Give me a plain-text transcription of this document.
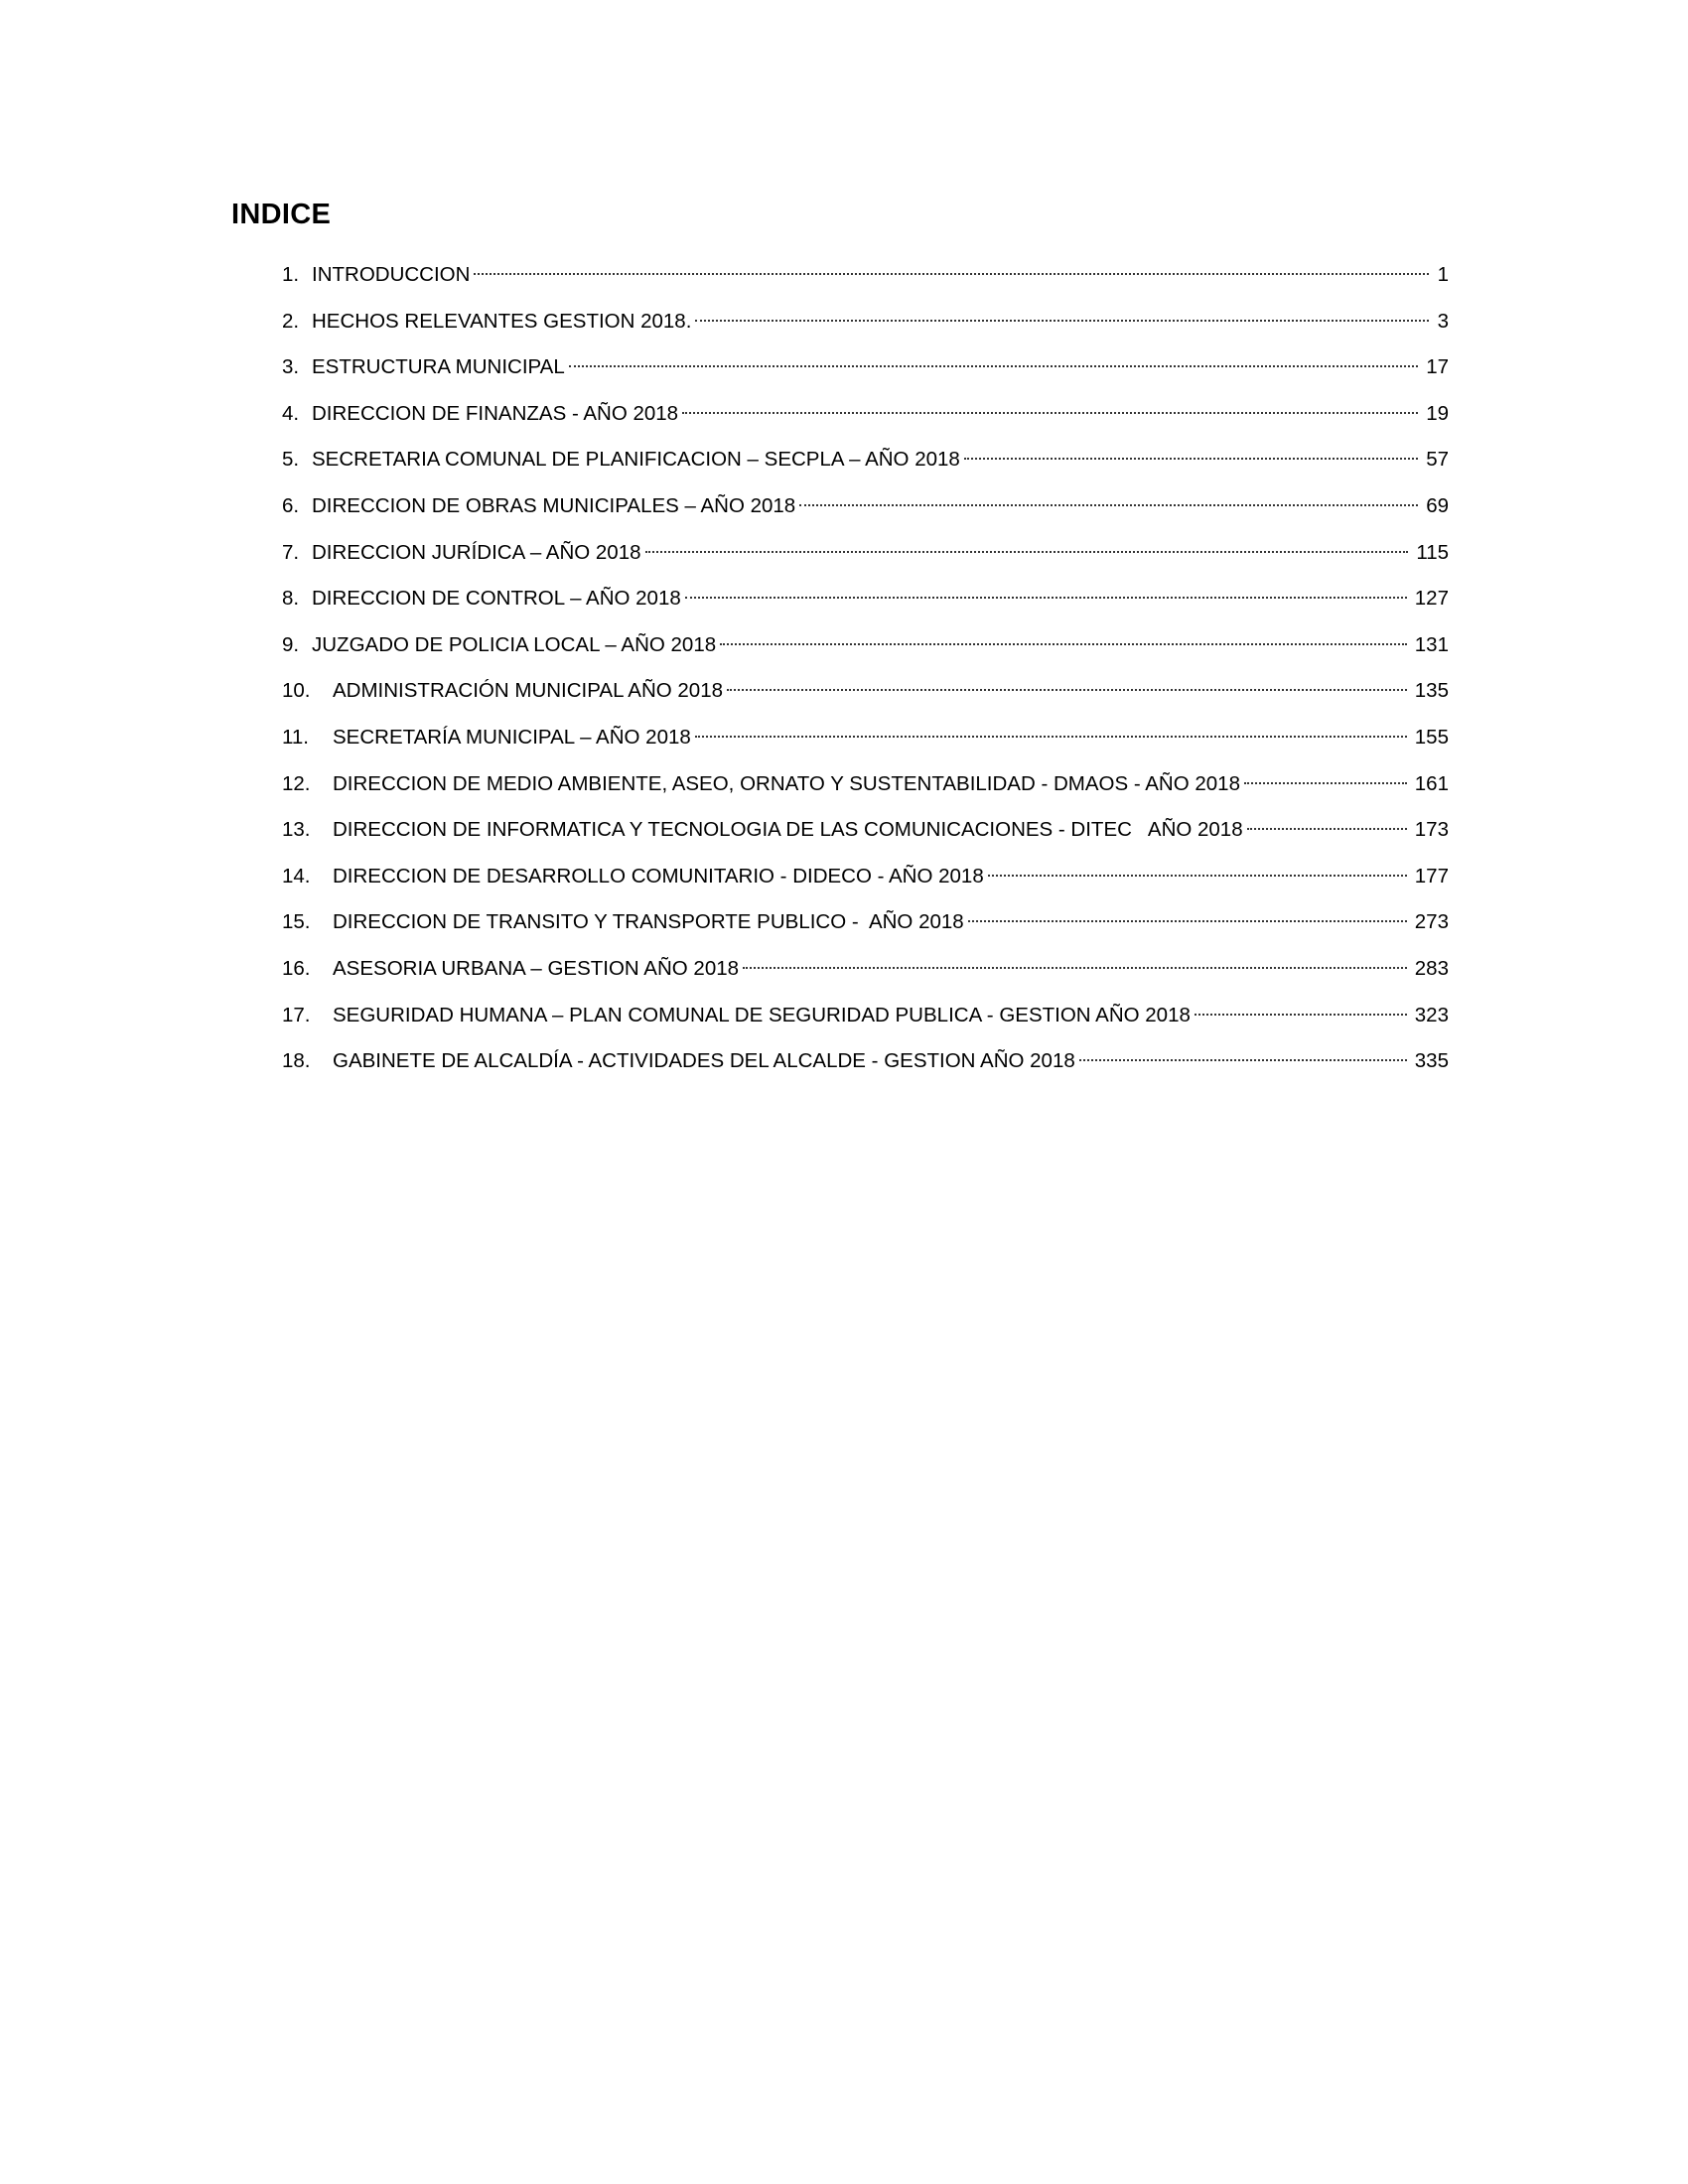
INDICE
1. INTRODUCCION	1
2. HECHOS RELEVANTES GESTION 2018.	3
3. ESTRUCTURA MUNICIPAL	17
4. DIRECCION DE FINANZAS - AÑO 2018	19
5. SECRETARIA COMUNAL DE PLANIFICACION – SECPLA – AÑO 2018	57
6. DIRECCION DE OBRAS MUNICIPALES – AÑO 2018	69
7. DIRECCION JURÍDICA – AÑO 2018	115
8. DIRECCION DE CONTROL – AÑO 2018	127
9. JUZGADO DE POLICIA LOCAL – AÑO 2018	131
10.	ADMINISTRACIÓN MUNICIPAL AÑO 2018	135
11.	SECRETARÍA MUNICIPAL – AÑO 2018	155
12.	DIRECCION DE MEDIO AMBIENTE, ASEO, ORNATO Y SUSTENTABILIDAD - DMAOS - AÑO 2018	161
13.	DIRECCION DE INFORMATICA Y TECNOLOGIA DE LAS COMUNICACIONES - DITEC   AÑO 2018	173
14.	DIRECCION DE DESARROLLO COMUNITARIO - DIDECO - AÑO 2018	177
15.	DIRECCION DE TRANSITO Y TRANSPORTE PUBLICO -  AÑO 2018	273
16.	ASESORIA URBANA – GESTION AÑO 2018	283
17.	SEGURIDAD HUMANA – PLAN COMUNAL DE SEGURIDAD PUBLICA - GESTION AÑO 2018	323
18.	GABINETE DE ALCALDÍA - ACTIVIDADES DEL ALCALDE - GESTION AÑO 2018	335
